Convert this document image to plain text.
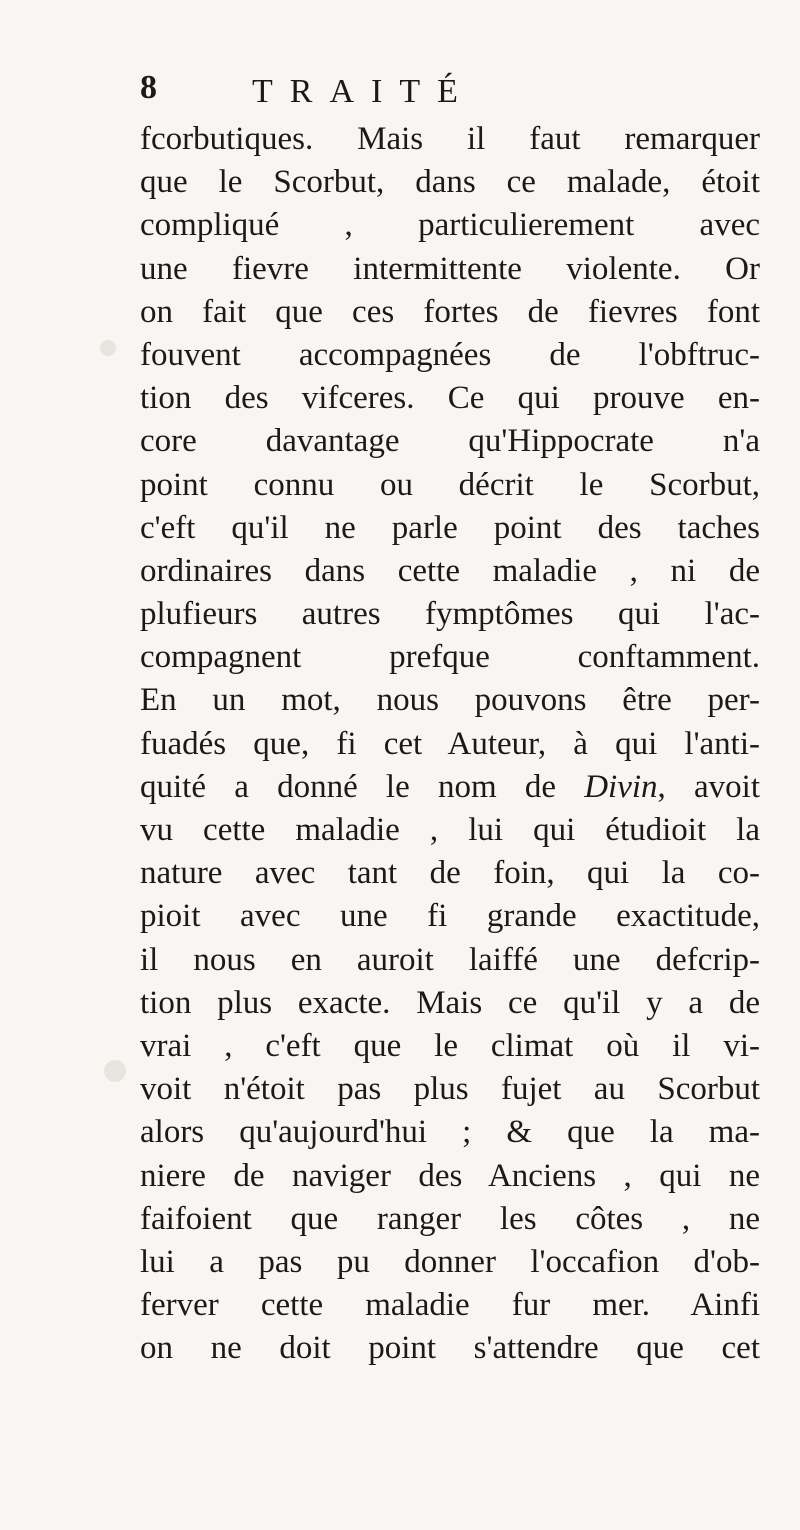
8	TRAITÉ
fcorbutiques. Mais il faut remarquer
que le Scorbut, dans ce malade, étoit
compliqué , particulierement avec
une fievre intermittente violente. Or
on fait que ces fortes de fievres font
fouvent accompagnées de l'obftruc-
tion des vifceres. Ce qui prouve en-
core davantage qu'Hippocrate n'a
point connu ou décrit le Scorbut,
c'eft qu'il ne parle point des taches
ordinaires dans cette maladie , ni de
plufieurs autres fymptômes qui l'ac-
compagnent prefque conftamment.
En un mot, nous pouvons être per-
fuadés que, fi cet Auteur, à qui l'anti-
quité a donné le nom de Divin, avoit
vu cette maladie , lui qui étudioit la
nature avec tant de foin, qui la co-
pioit avec une fi grande exactitude,
il nous en auroit laiffé une defcrip-
tion plus exacte. Mais ce qu'il y a de
vrai , c'eft que le climat où il vi-
voit n'étoit pas plus fujet au Scorbut
alors qu'aujourd'hui ; & que la ma-
niere de naviger des Anciens , qui ne
faifoient que ranger les côtes , ne
lui a pas pu donner l'occafion d'ob-
ferver cette maladie fur mer. Ainfi
on ne doit point s'attendre que cet
